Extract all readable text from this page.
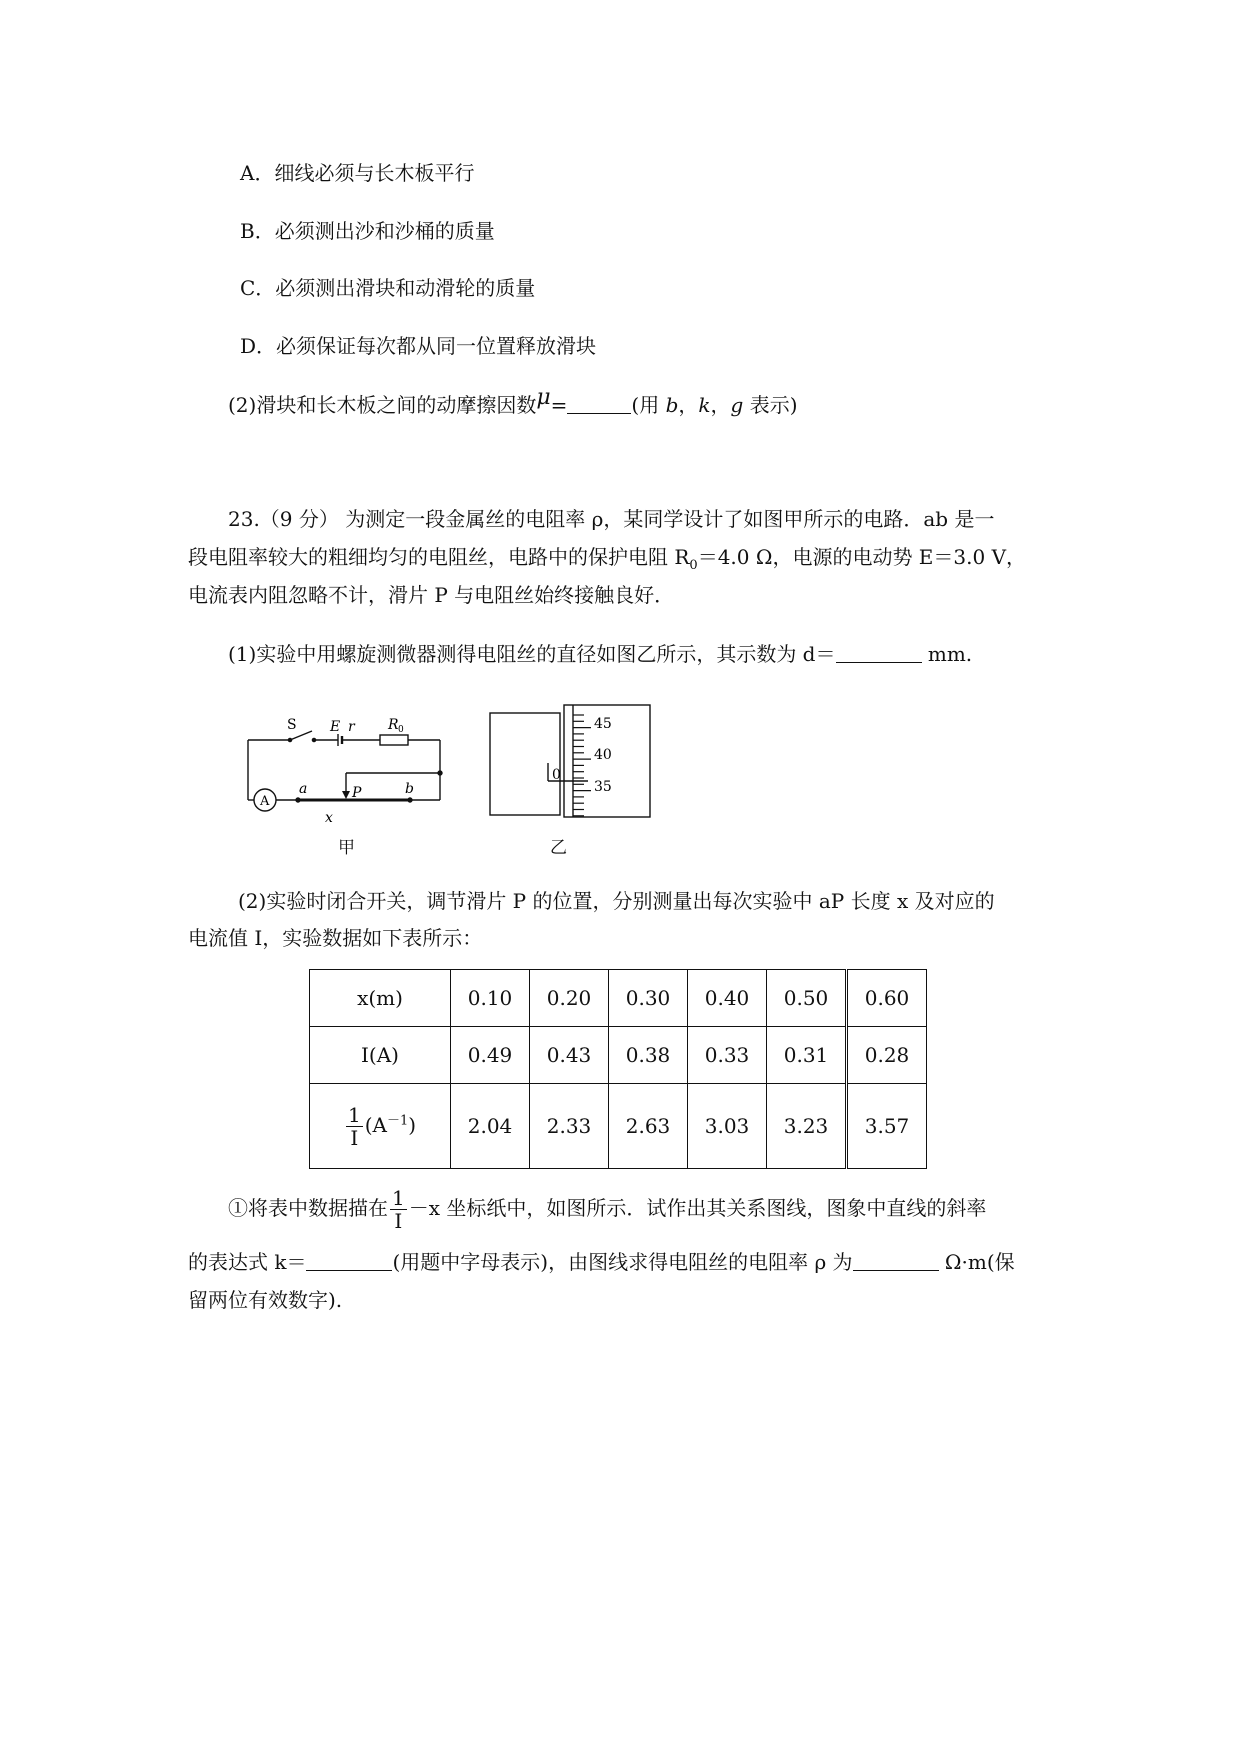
A．细线必须与长木板平行
B．必须测出沙和沙桶的质量
C．必须测出滑块和动滑轮的质量
D．必须保证每次都从同一位置释放滑块
(2)滑块和长木板之间的动摩擦因数μ=	(用 b，k，g 表示)
23.（9 分） 为测定一段金属丝的电阻率 ρ，某同学设计了如图甲所示的电路．ab 是一
段电阻率较大的粗细均匀的电阻丝，电路中的保护电阻 $R_0=4.0$ Ω，电源的电动势 E＝3.0 V，
电流表内阻忽略不计，滑片 P 与电阻丝始终接触良好．
(1)实验中用螺旋测微器测得电阻丝的直径如图乙所示，其示数为 d＝	mm.
S E r R 0
A
a	P	b
x
甲
45
40
35
0
乙
(2)实验时闭合开关，调节滑片 P 的位置，分别测量出每次实验中 aP 长度 x 及对应的
电流值 I，实验数据如下表所示：
x(m)	0.10	0.20	0.30	0.40	0.50	0.60
I(A)	0.49	0.43	0.38	0.33	0.31	0.28

$\frac{1}{I} (A^{-1})$	2.04	2.33	2.63	3.03	3.23	3.57
①将表中数据描在 $\frac{1}{I} -x$ 坐标纸中，如图所示．试作出其关系图线，图象中直线的斜率
的表达式 k＝	(用题中字母表示)，由图线求得电阻丝的电阻率 ρ 为	Ω·m(保
留两位有效数字).
